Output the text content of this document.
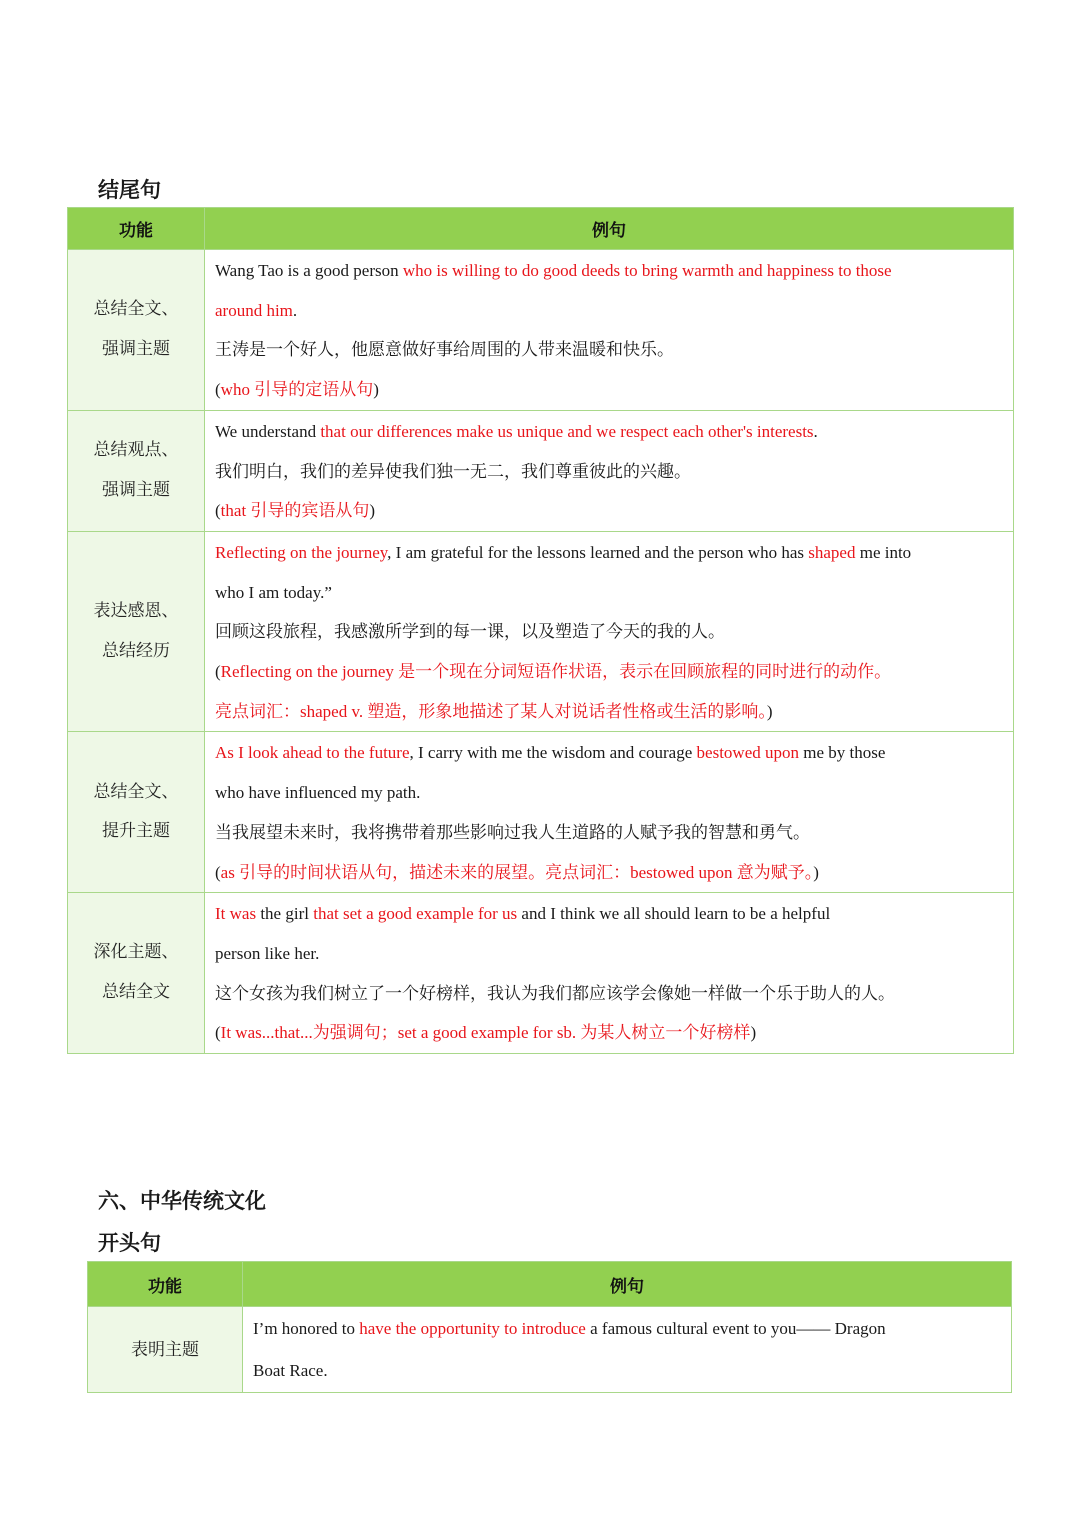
结尾句
功能	例句

总结全文、
强调主题	Wang Tao is a good person who is willing to do good deeds to bring warmth and happiness to those
around him.
王涛是一个好人，他愿意做好事给周围的人带来温暖和快乐。
(who 引导的定语从句)

总结观点、
强调主题	We understand that our differences make us unique and we respect each other's interests.
我们明白，我们的差异使我们独一无二，我们尊重彼此的兴趣。
(that 引导的宾语从句)

表达感恩、
总结经历	Reflecting on the journey, I am grateful for the lessons learned and the person who has shaped me into
who I am today.”
回顾这段旅程，我感激所学到的每一课，以及塑造了今天的我的人。
(Reflecting on the journey 是一个现在分词短语作状语，表示在回顾旅程的同时进行的动作。
亮点词汇：shaped v. 塑造，形象地描述了某人对说话者性格或生活的影响。)

总结全文、
提升主题	As I look ahead to the future, I carry with me the wisdom and courage bestowed upon me by those
who have influenced my path.
当我展望未来时，我将携带着那些影响过我人生道路的人赋予我的智慧和勇气。
(as 引导的时间状语从句，描述未来的展望。亮点词汇：bestowed upon 意为赋予。)

深化主题、
总结全文	It was the girl that set a good example for us and I think we all should learn to be a helpful
person like her.
这个女孩为我们树立了一个好榜样，我认为我们都应该学会像她一样做一个乐于助人的人。
(It was...that...为强调句；set a good example for sb. 为某人树立一个好榜样)
六、中华传统文化
开头句
功能	例句

表明主题	I’m honored to have the opportunity to introduce a famous cultural event to you—— Dragon
Boat Race.
